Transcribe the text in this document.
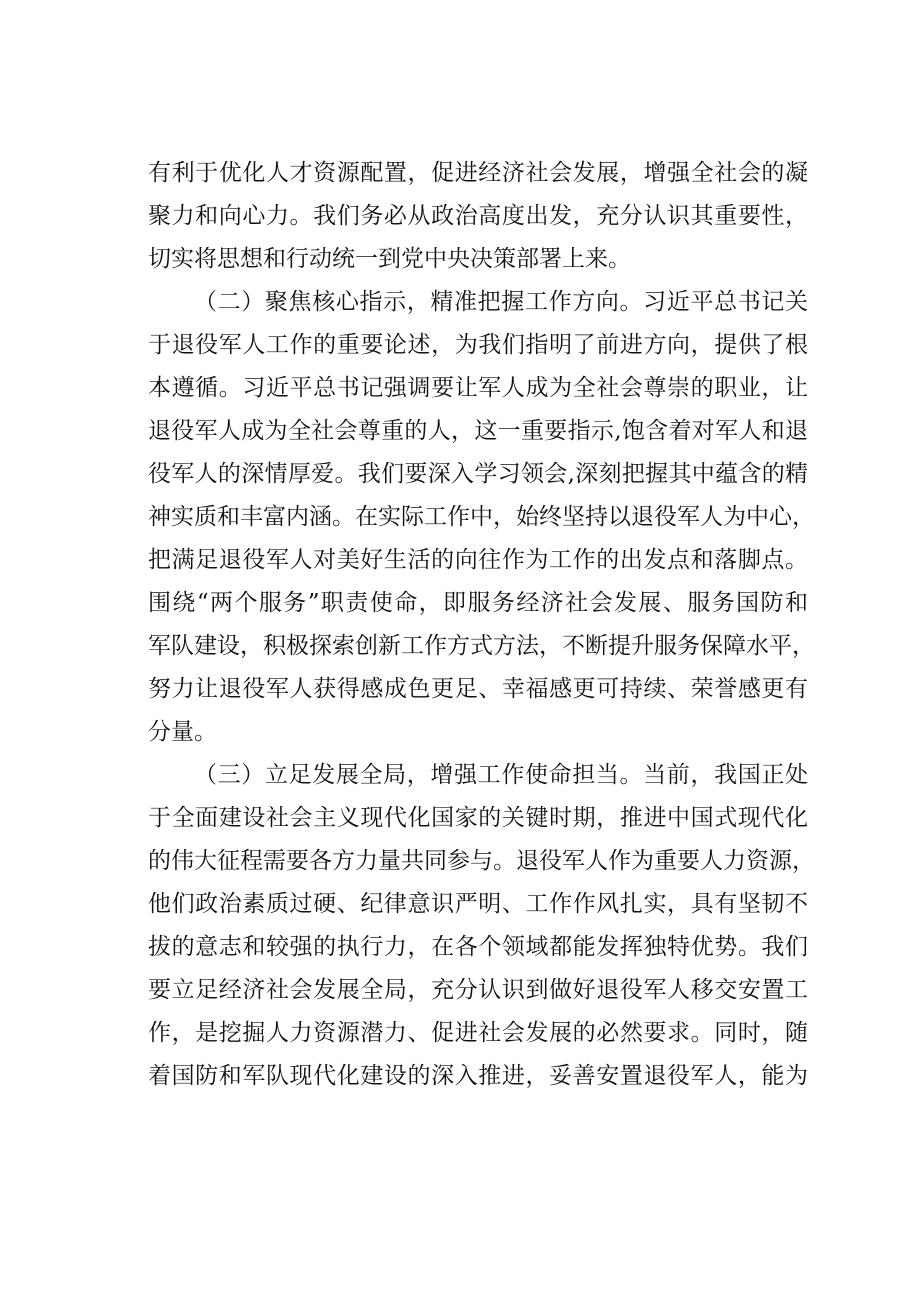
有利于优化人才资源配置，促进经济社会发展，增强全社会的凝
聚力和向心力。我们务必从政治高度出发，充分认识其重要性，
切实将思想和行动统一到党中央决策部署上来。
（二）聚焦核心指示，精准把握工作方向。习近平总书记关
于退役军人工作的重要论述，为我们指明了前进方向，提供了根
本遵循。习近平总书记强调要让军人成为全社会尊崇的职业，让
退役军人成为全社会尊重的人，这一重要指示,饱含着对军人和退
役军人的深情厚爱。我们要深入学习领会,深刻把握其中蕴含的精
神实质和丰富内涵。在实际工作中，始终坚持以退役军人为中心，
把满足退役军人对美好生活的向往作为工作的出发点和落脚点。
围绕“两个服务”职责使命，即服务经济社会发展、服务国防和
军队建设，积极探索创新工作方式方法，不断提升服务保障水平，
努力让退役军人获得感成色更足、幸福感更可持续、荣誉感更有
分量。
（三）立足发展全局，增强工作使命担当。当前，我国正处
于全面建设社会主义现代化国家的关键时期，推进中国式现代化
的伟大征程需要各方力量共同参与。退役军人作为重要人力资源，
他们政治素质过硬、纪律意识严明、工作作风扎实，具有坚韧不
拔的意志和较强的执行力，在各个领域都能发挥独特优势。我们
要立足经济社会发展全局，充分认识到做好退役军人移交安置工
作，是挖掘人力资源潜力、促进社会发展的必然要求。同时，随
着国防和军队现代化建设的深入推进，妥善安置退役军人，能为
